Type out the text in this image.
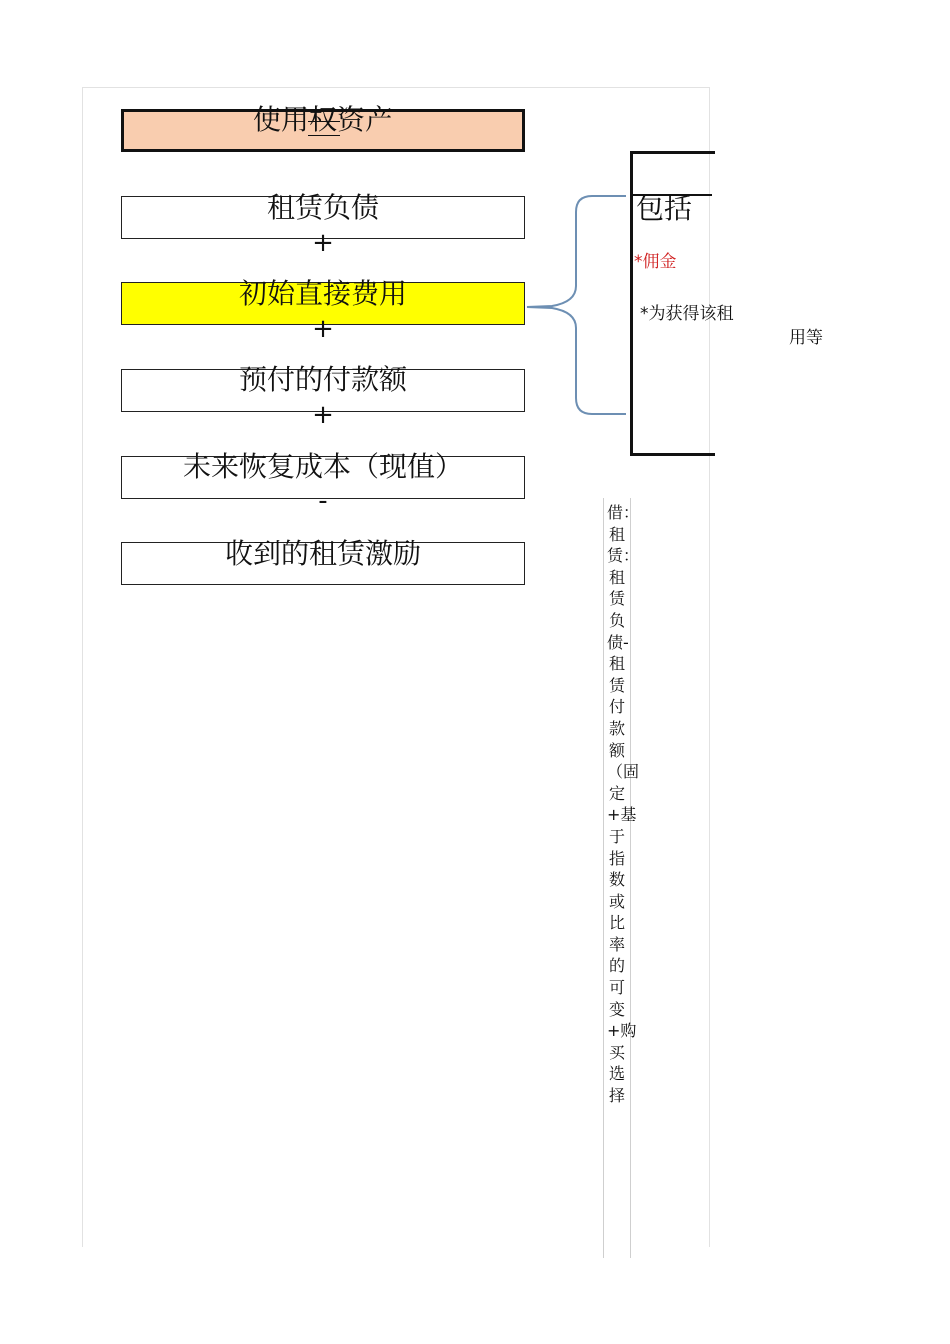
使用权资产
租赁负债
+
初始直接费用
+
预付的付款额
+
未来恢复成本（现值）
-
收到的租赁激励
包括
*佣金
*为获得该租
用等
借：租赁：租赁负债-租赁付款额（固定+基于指数或比率的可变+购买选择
